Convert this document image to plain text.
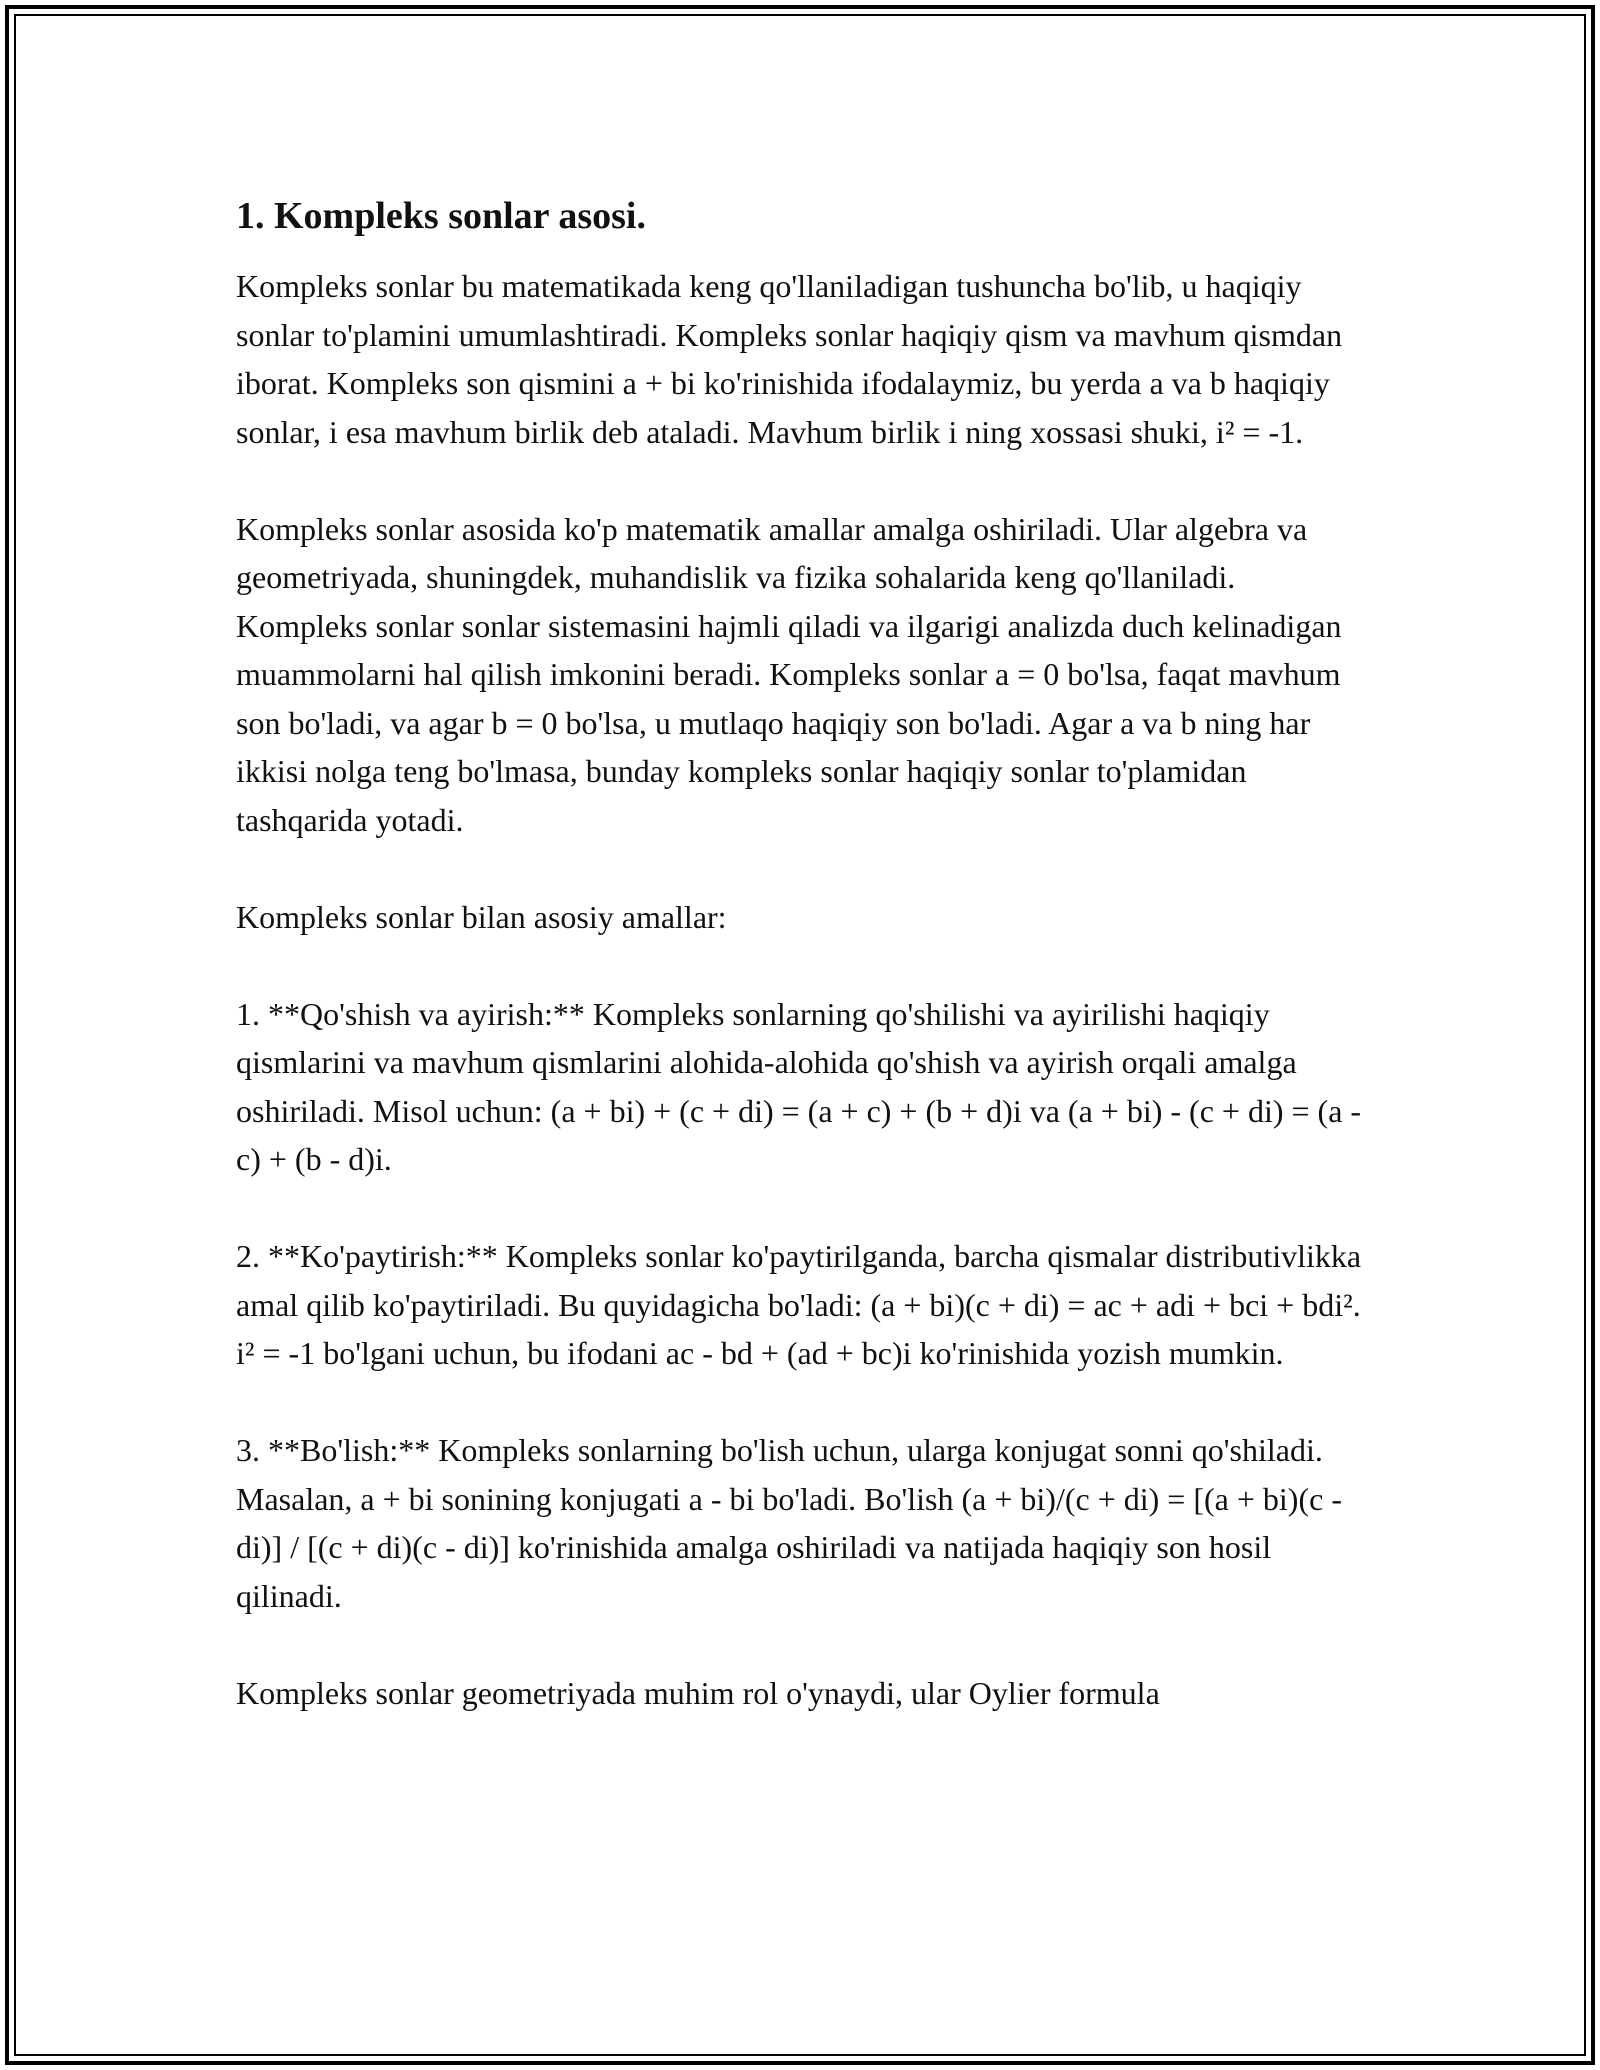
1. Kompleks sonlar asosi.

Kompleks sonlar bu matematikada keng qo'llaniladigan tushuncha bo'lib, u haqiqiy sonlar to'plamini umumlashtiradi. Kompleks sonlar haqiqiy qism va mavhum qismdan iborat. Kompleks son qismini a + bi ko'rinishida ifodalaymiz, bu yerda a va b haqiqiy sonlar, i esa mavhum birlik deb ataladi. Mavhum birlik i ning xossasi shuki, i² = -1.

Kompleks sonlar asosida ko'p matematik amallar amalga oshiriladi. Ular algebra va geometriyada, shuningdek, muhandislik va fizika sohalarida keng qo'llaniladi. Kompleks sonlar sonlar sistemasini hajmli qiladi va ilgarigi analizda duch kelinadigan muammolarni hal qilish imkonini beradi. Kompleks sonlar a = 0 bo'lsa, faqat mavhum son bo'ladi, va agar b = 0 bo'lsa, u mutlaqo haqiqiy son bo'ladi. Agar a va b ning har ikkisi nolga teng bo'lmasa, bunday kompleks sonlar haqiqiy sonlar to'plamidan tashqarida yotadi.

Kompleks sonlar bilan asosiy amallar:

1. **Qo'shish va ayirish:** Kompleks sonlarning qo'shilishi va ayirilishi haqiqiy qismlarini va mavhum qismlarini alohida-alohida qo'shish va ayirish orqali amalga oshiriladi. Misol uchun: (a + bi) + (c + di) = (a + c) + (b + d)i va (a + bi) - (c + di) = (a - c) + (b - d)i.

2. **Ko'paytirish:** Kompleks sonlar ko'paytirilganda, barcha qismalar distributivlikka amal qilib ko'paytiriladi. Bu quyidagicha bo'ladi: (a + bi)(c + di) = ac + adi + bci + bdi². i² = -1 bo'lgani uchun, bu ifodani ac - bd + (ad + bc)i ko'rinishida yozish mumkin.

3. **Bo'lish:** Kompleks sonlarning bo'lish uchun, ularga konjugat sonni qo'shiladi. Masalan, a + bi sonining konjugati a - bi bo'ladi. Bo'lish (a + bi)/(c + di) = [(a + bi)(c - di)] / [(c + di)(c - di)] ko'rinishida amalga oshiriladi va natijada haqiqiy son hosil qilinadi.

Kompleks sonlar geometriyada muhim rol o'ynaydi, ular Oylier formula
